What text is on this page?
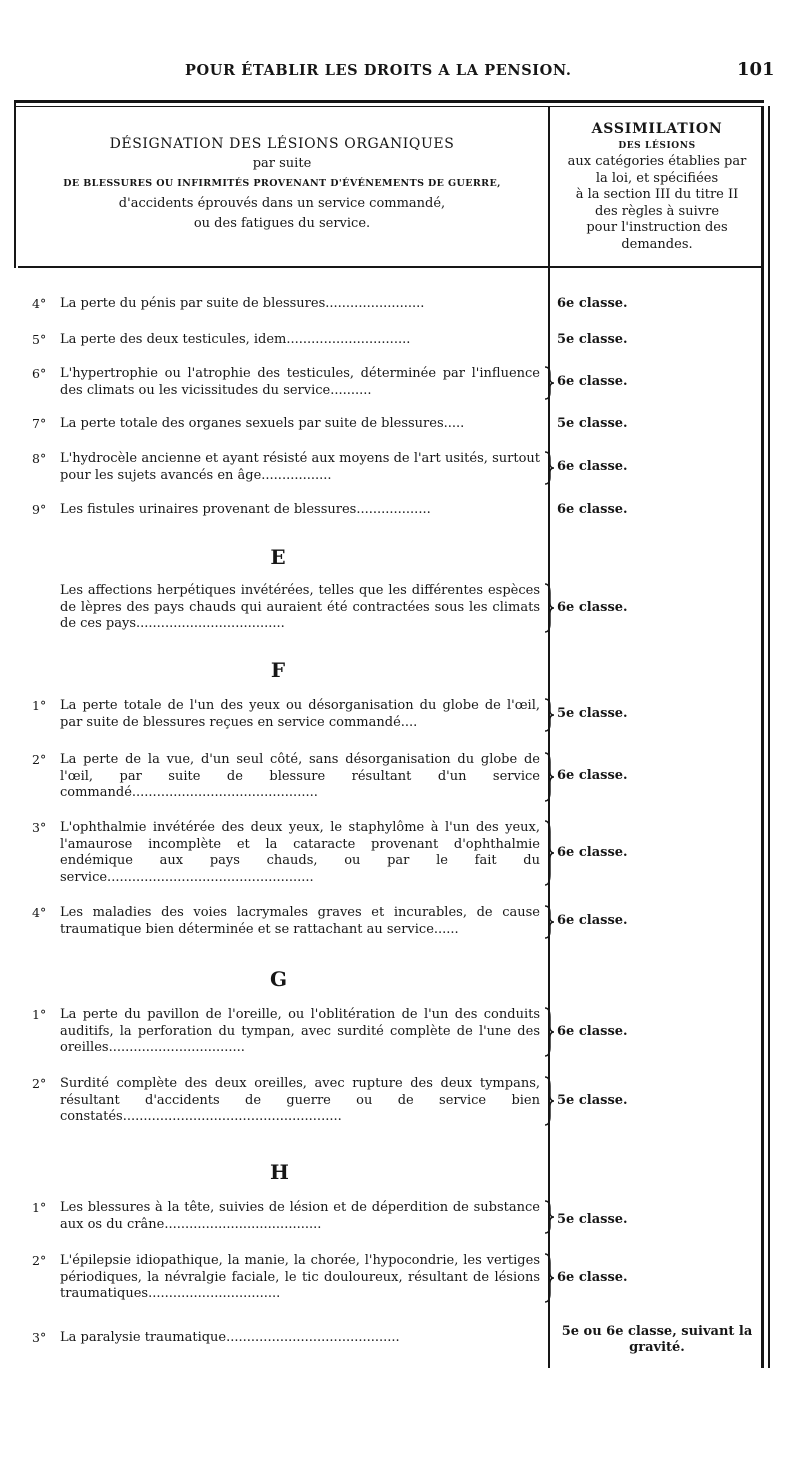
POUR ÉTABLIR LES DROITS A LA PENSION.	101
DÉSIGNATION DES LÉSIONS ORGANIQUES
par suite
DE BLESSURES OU INFIRMITÉS PROVENANT D'ÉVÉNEMENTS DE GUERRE,
d'accidents éprouvés dans un service commandé,
ou des fatigues du service.
ASSIMILATION
DES LÉSIONS
aux catégories établies par
la loi, et spécifiées
à la section III du titre II
des règles à suivre
pour l'instruction des
demandes.
4° La perte du pénis par suite de blessures........................	6e classe.
5° La perte des deux testicules, idem..............................	5e classe.
6° L'hypertrophie ou l'atrophie des testicules, déterminée par l'influence des climats ou les vicissitudes du service..........
6e classe.
7° La perte totale des organes sexuels par suite de blessures.....	5e classe.
8° L'hydrocèle ancienne et ayant résisté aux moyens de l'art usités, surtout pour les sujets avancés en âge.................
6e classe.
9° Les fistules urinaires provenant de blessures..................	6e classe.
E
Les affections herpétiques invétérées, telles que les différentes espèces de lèpres des pays chauds qui auraient été contractées sous les climats de ces pays....................................
6e classe.
F
1° La perte totale de l'un des yeux ou désorganisation du globe de l'œil, par suite de blessures reçues en service commandé....
5e classe.
2° La perte de la vue, d'un seul côté, sans désorganisation du globe de l'œil, par suite de blessure résultant d'un service commandé.............................................
6e classe.
3° L'ophthalmie invétérée des deux yeux, le staphylôme à l'un des yeux, l'amaurose incomplète et la cataracte provenant d'ophthalmie endémique aux pays chauds, ou par le fait du service..................................................
6e classe.
4° Les maladies des voies lacrymales graves et incurables, de cause traumatique bien déterminée et se rattachant au service......
6e classe.
G
1° La perte du pavillon de l'oreille, ou l'oblitération de l'un des conduits auditifs, la perforation du tympan, avec surdité complète de l'une des oreilles.................................
6e classe.
2° Surdité complète des deux oreilles, avec rupture des deux tympans, résultant d'accidents de guerre ou de service bien constatés.....................................................
5e classe.
H
1° Les blessures à la tête, suivies de lésion et de déperdition de substance aux os du crâne......................................	5e classe.
2° L'épilepsie idiopathique, la manie, la chorée, l'hypocondrie, les vertiges périodiques, la névralgie faciale, le tic douloureux, résultant de lésions traumatiques................................
6e classe.
3° La paralysie traumatique..........................................	5e ou 6e classe, suivant la gravité.
